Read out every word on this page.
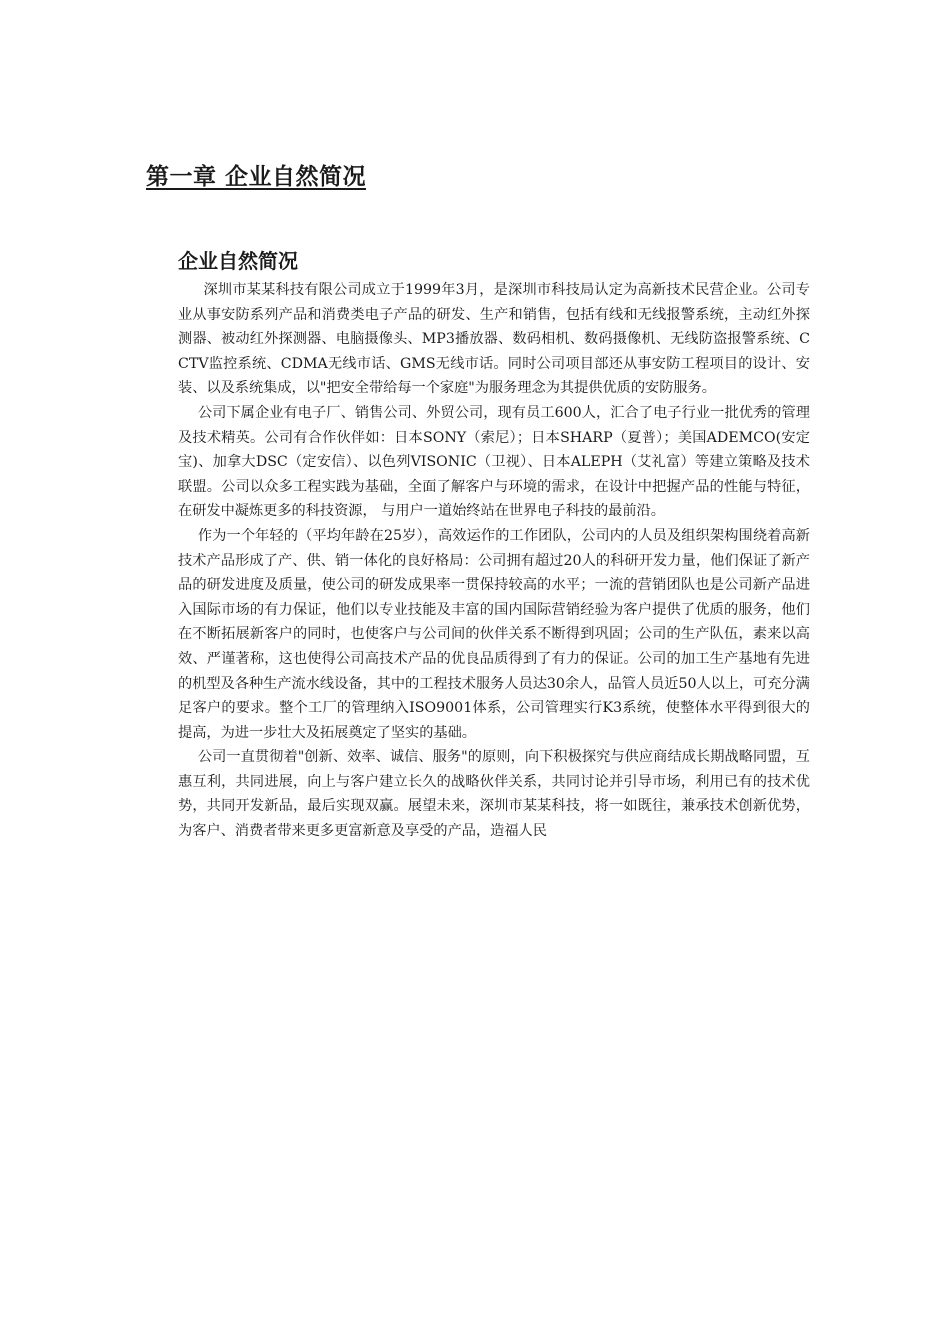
第一章 企业自然简况
企业自然简况

深圳市某某科技有限公司成立于1999年3月，是深圳市科技局认定为高新技术民营企业。公司专业从事安防系列产品和消费类电子产品的研发、生产和销售，包括有线和无线报警系统，主动红外探测器、被动红外探测器、电脑摄像头、MP3播放器、数码相机、数码摄像机、无线防盗报警系统、CCTV监控系统、CDMA无线市话、GMS无线市话。同时公司项目部还从事安防工程项目的设计、安装、以及系统集成，以"把安全带给每一个家庭"为服务理念为其提供优质的安防服务。

公司下属企业有电子厂、销售公司、外贸公司，现有员工600人，汇合了电子行业一批优秀的管理及技术精英。公司有合作伙伴如：日本SONY（索尼）；日本SHARP（夏普）；美国ADEMCO(安定宝)、加拿大DSC（定安信）、以色列VISONIC（卫视）、日本ALEPH（艾礼富）等建立策略及技术联盟。公司以众多工程实践为基础，全面了解客户与环境的需求，在设计中把握产品的性能与特征，在研发中凝炼更多的科技资源， 与用户一道始终站在世界电子科技的最前沿。

作为一个年轻的（平均年龄在25岁），高效运作的工作团队，公司内的人员及组织架构围绕着高新技术产品形成了产、供、销一体化的良好格局：公司拥有超过20人的科研开发力量，他们保证了新产品的研发进度及质量，使公司的研发成果率一贯保持较高的水平；一流的营销团队也是公司新产品进入国际市场的有力保证，他们以专业技能及丰富的国内国际营销经验为客户提供了优质的服务，他们在不断拓展新客户的同时，也使客户与公司间的伙伴关系不断得到巩固；公司的生产队伍，素来以高效、严谨著称，这也使得公司高技术产品的优良品质得到了有力的保证。公司的加工生产基地有先进的机型及各种生产流水线设备，其中的工程技术服务人员达30余人，品管人员近50人以上，可充分满足客户的要求。整个工厂的管理纳入ISO9001体系，公司管理实行K3系统，使整体水平得到很大的提高，为进一步壮大及拓展奠定了坚实的基础。

公司一直贯彻着"创新、效率、诚信、服务"的原则，向下积极探究与供应商结成长期战略同盟，互惠互利，共同进展，向上与客户建立长久的战略伙伴关系，共同讨论并引导市场，利用已有的技术优势，共同开发新品，最后实现双赢。展望未来，深圳市某某科技，将一如既往，兼承技术创新优势，为客户、消费者带来更多更富新意及享受的产品，造福人民
